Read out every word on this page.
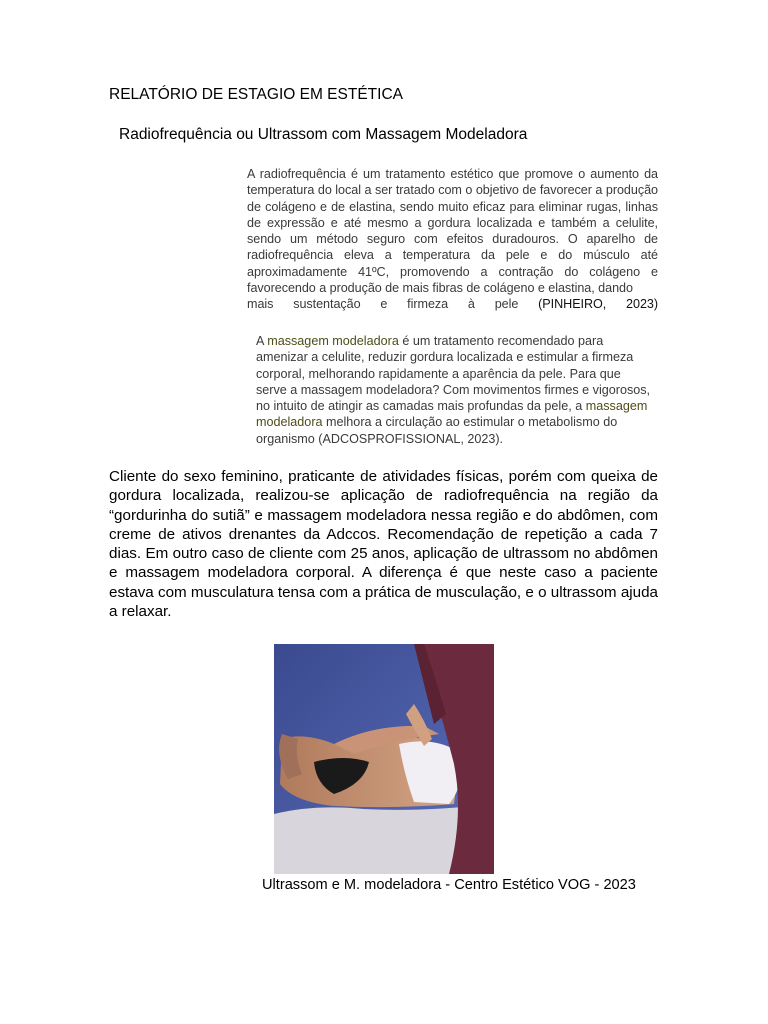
RELATÓRIO DE ESTAGIO EM ESTÉTICA
Radiofrequência ou Ultrassom com Massagem Modeladora
A radiofrequência é um tratamento estético que promove o aumento da temperatura do local a ser tratado com o objetivo de favorecer a produção de colágeno e de elastina, sendo muito eficaz para eliminar rugas, linhas de expressão e até mesmo a gordura localizada e também a celulite, sendo um método seguro com efeitos duradouros. O aparelho de radiofrequência eleva a temperatura da pele e do músculo até aproximadamente 41ºC, promovendo a contração do colágeno e favorecendo a produção de mais fibras de colágeno e elastina, dando
mais sustentação e firmeza à pele (PINHEIRO, 2023)
A massagem modeladora é um tratamento recomendado para amenizar a celulite, reduzir gordura localizada e estimular a firmeza corporal, melhorando rapidamente a aparência da pele. Para que serve a massagem modeladora? Com movimentos firmes e vigorosos, no intuito de atingir as camadas mais profundas da pele, a massagem modeladora melhora a circulação ao estimular o metabolismo do organismo (ADCOSPROFISSIONAL, 2023).
Cliente do sexo feminino, praticante de atividades físicas, porém com queixa de gordura localizada, realizou-se aplicação de radiofrequência na região da “gordurinha do sutiã” e massagem modeladora nessa região e do abdômen, com creme de ativos drenantes da Adccos. Recomendação de repetição a cada 7 dias. Em outro caso de cliente com 25 anos, aplicação de ultrassom no abdômen e massagem modeladora corporal. A diferença é que neste caso a paciente estava com musculatura tensa com a prática de musculação, e o ultrassom ajuda a relaxar.
Ultrassom e M. modeladora - Centro Estético VOG - 2023
